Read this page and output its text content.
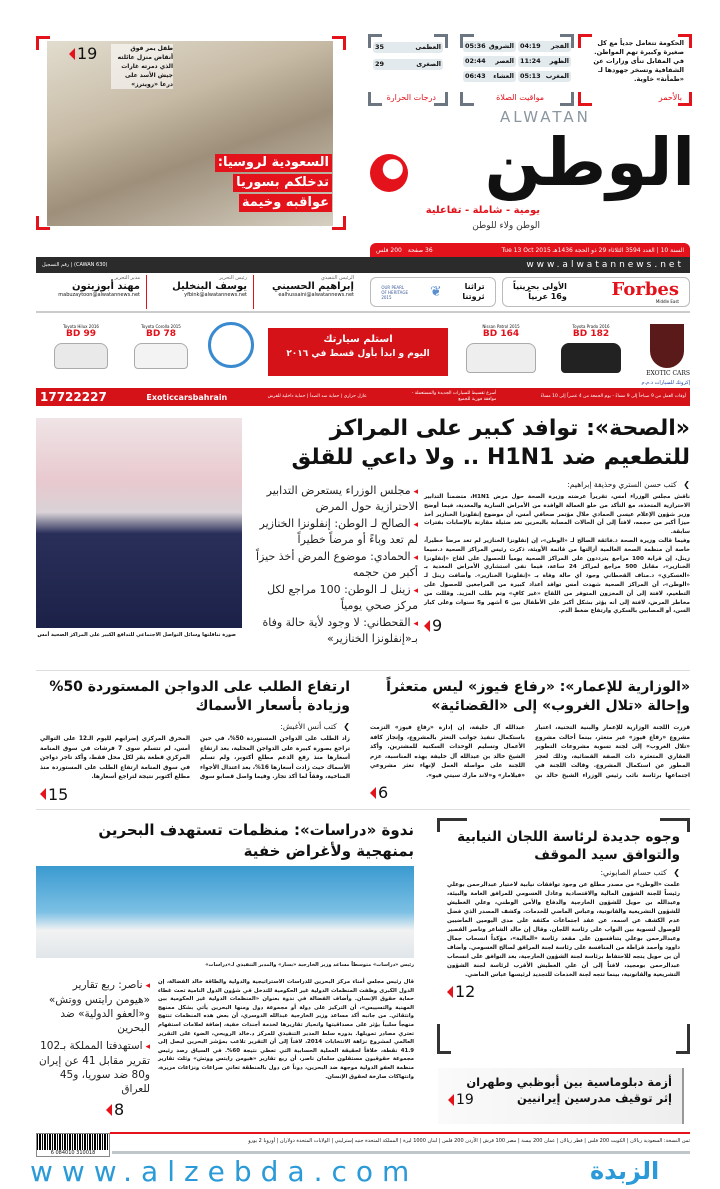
الحكومة تتعامل جدياً مع كل صغيرة وكبيرة تهم المواطن. في المقابل تنأى وزارات عن الشفافية وتسخر جهودها لـ «طمأنة» خاوية.
بالأحمر
الفجر
04:19
الشروق
05:36
الظهر
11:24
العصر
02:44
المغرب
05:13
العشاء
06:43
مواقيت الصلاة
العظمى
35
الصغرى
29
درجات الحرارة
طفل يمر فوق أنقاض منزل عائلته الذي دمرته غارات جيش الأسد على درعا «رويترز»
19
السعودية لروسيا:
تدخلكم بسوريا
عواقبه وخيمة
ALWATAN
الوطن
يومية - شاملة - تفاعلية
الوطن ولاء للوطن
السنة 10 | العدد 3594 الثلاثاء 29 ذو الحجة 1436هـ Tue 13 Oct 2015
36 صفحة
200 فلس
رقم التسجيل | (CAWAN 630)	www.alwatannews.net
الأولى بحرينياً
و16 عربياً Forbes
Middle East
OUR PEARL OF HERITAGE 2015	❦	تراثنا
ثروتنا
الرئيس التنفيذي
إبراهيم الحسيني
ealhussaini@alwatannews.net
رئيس التحرير
يوسف البنخليل
yfbink@alwatannews.net
مدير التحرير
مهند أبوزيتون
mabuzaytoon@alwatannews.net
EXOTIC CARS
إكزوتك للسيارات ذ.م.م
Toyota Prado 2016
BD 182
Nissan Patrol 2015
BD 164
Toyota Corolla 2015
BD 78
Toyota Hilux 2016
BD 99	استلم سيارتك
اليوم و ابدأ بأول قسط في ٢٠١٦
أوقات العمل من 9 صباحاً إلى 9 مساءً - يوم الجمعة من 4 عصراً إلى 10 مساءً
أسرع تقسيط للسيارات الجديدة والمستعملة - موافقة فورية للجميع
عازل حراري | حماية ضد الصدأ | حماية داخلية للفرش
Exoticcarsbahrain
17722227
«الصحة»: توافد كبير على المراكز
للتطعيم ضد H1N1 .. ولا داعي للقلق
❯ كتب حسن الستري وحذيفة إبراهيم:

ناقش مجلس الوزراء أمس، تقريراً عرضته وزيرة الصحة حول مرض H1N1، متضمناً التدابير الاحترازية المتخذة، مع التأكد من خلو العمالة الوافدة من الأمراض السارية والمعدية، فيما أوضح وزير شؤون الإعلام عيسى الحمادي خلال مؤتمر صحافي أمس، أن موضوع إنفلونزا الخنازير أخذ حيزاً أكبر من حجمه، لافتاً إلى أن الحالات المصابة بالبحرين تعد ضئيلة مقارنة بالإصابات بفترات سابقة.

وفيما قالت وزيرة الصحة د.فائقة الصالح لـ «الوطن»، إن إنفلونزا الخنازير لم تعد مرضاً خطيراً، خاصة أن منظمة الصحة العالمية أزالتها من قائمة الأوبئة، ذكرت رئيس المراكز الصحية د.سيما زينل، إن قرابة 100 مراجع يترددون على المراكز الصحية يومياً للحصول على لقاح «إنفلونزا الخنازير»، مقابل 500 مراجع لمراكز 24 ساعة، فيما نفى استشاري الأمراض المعدية بـ «العسكري» د.مناف القحطاني وجود أي حالة وفاة بـ «إنفلونزا الخنازير». وأضافت زينل لـ «الوطن»، أن المراكز الصحية شهدت أمس توافد أعداد كبيرة من المراجعين للحصول على التطعيم، لافتة إلى أن المخزون المتوفر من اللقاح «غير كافٍ» وتم طلب المزيد. وقللت من مخاطر المرض، لافتة إلى أنه يؤثر بشكل أكبر على الأطفال بين 6 أشهر و5 سنوات وعلى كبار السن، أو المصابين بالسكري وارتفاع ضغط الدم.

9
◂ مجلس الوزراء يستعرض التدابير الاحترازية حول المرض
◂ الصالح لـ الوطن: إنفلونزا الخنازير لم تعد وباءً أو مرضاً خطيراً
◂ الحمادي: موضوع المرض أخذ حيزاً أكبر من حجمه
◂ زينل لـ الوطن: 100 مراجع لكل مركز صحي يومياً
◂ القحطاني: لا وجود لأية حالة وفاة بـ«إنفلونزا الخنازير»
صورة تناقلتها وسائل التواصل الاجتماعي للتدافع الكبير على المراكز الصحية أمس
«الوزارية للإعمار»: «رفاع فيوز» ليس متعثراً
وإحالة «تلال الغروب» إلى «القضائية»

قررت اللجنة الوزارية للإعمار والبنية التحتية، اعتبار مشروع «رفاع فيوز» غير متعثر، بينما أحالت مشروع «تلال الغروب» إلى لجنة تسوية مشروعات التطوير العقاري المتعثرة ذات الصفة القضائية، وذلك لعجز المطور عن استكمال المشروع. وقالت اللجنة في اجتماعها برئاسة نائب رئيس الوزراء الشيخ خالد بن عبدالله آل خليفة، إن إدارة «رفاع فيوز» التزمت باستكمال تنفيذ جوانب التعثر بالمشروع، وإنجاز كافة الأعمال وتسليم الوحدات السكنية للمشترين. وأكد الشيخ خالد بن عبدالله آل خليفة بهذه المناسبة، عزم اللجنة على مواصلة العمل لإنهاء تعثر مشروعي «فيلامار» و«لاند مارك سيتي فيو».

6
ارتفاع الطلب على الدواجن المستوردة 50%
وزيادة بأسعار الأسماك
❯ كتب أنس الأغبش:

زاد الطلب على الدواجن المستوردة 50%، في حين تراجع بصورة كبيرة على الدواجن المحلية، بعد ارتفاع أسعارها منذ رفع الدعم مطلع أكتوبر، ولم تسلم الأسماك حيث زادت أسعارها 16%، بعد اعتدال الأجواء المناخية، وفقاً لما أكد تجار. وفيما واصل قصابو سوق المحرق المركزي إضرابهم لليوم الـ12 على التوالي أمس، لم تتسلم سوى 7 فرشات في سوق المنامة المركزي قطعة بقر لكل محل فقط، وأكد تاجر دواجن في سوق المنامة ارتفاع الطلب على المستوردة منذ مطلع أكتوبر نتيجة لتراجع أسعارها.

15
وجوه جديدة لرئاسة اللجان النيابية
والتوافق سيد الموقف
❯ كتب حسام الصابوني:

علمت «الوطن» من مصدر مطلع عن وجود توافقات نيابية لاختيار عبدالرحمن بوعلي رئيساً للجنة الشؤون المالية والاقتصادية وعادل العسومي للمرافق العامة والبيئة، وعبدالله بن حويل للشؤون الخارجية والدفاع والأمن الوطني، وعلي العطيش للشؤون التشريعية والقانونية، وعباس الماضي للخدمات. وكشف المصدر الذي فضل عدم الكشف عن اسمه، عن عقد اجتماعات مكثفة على مدى اليومين الماضيين للوصول لتسوية بين النواب على رئاسة اللجان. وقال إن خالد الشاعر وناصر القصير وعبدالرحمن بوعلي يتنافسون على مقعد رئاسة «المالية»، مؤكداً انسحاب جمال داوود وأحمد قراطة من المنافسة على رئاسة لجنة المرافق لصالح العسومي. وأضاف أن بن حويل يتجه للاحتفاظ برئاسة لجنة الشؤون الخارجية، بعد التوافق على انسحاب عبدالرحمن بومجيد، لافتاً إلى أن علي العطيش الأقرب لرئاسة لجنة الشؤون التشريعية والقانونية، بينما تتجه لجنة الخدمات للتجديد لرئيسها عباس الماضي.

12
ندوة «دراسات»: منظمات تستهدف البحرين
بمنهجية ولأغراض خفية
رئيس «دراسات» متوسطاً مساعد وزير الخارجية «يسار» والمدير التنفيذي لـ«دراسات»

قال رئيس مجلس أمناء مركز البحرين للدراسات الاستراتيجية والدولية والطاقة خالد الفضالة، إن الدول الكبرى وظفت المنظمات الدولية غير الحكومية للتدخل في شؤون الدول النامية تحت غطاء حماية حقوق الإنسان. وأضاف الفضالة في ندوة بعنوان «المنظمات الدولية غير الحكومية بين المهنية والتسييس»، أن التركيز على دولة أو مجموعة دول ومنها البحرين يأتي بشكل ممنهج وانتقائي. من جانبه أكد مساعد وزير الخارجية عبدالله الدوسري، أن بعض هذه المنظمات تنتهج منهجاً سلبياً يؤثر على مصداقيتها وانحياز تقاريرها لخدمة أجندات خفية، إضافة لعلامات استفهام تعتري مصادر تمويلها. بدوره سلط المدير التنفيذي للمركز د.خالد الرويحي، الضوء على التقرير العالمي لمشروع نزاهة الانتخابات 2014، لافتاً إلى أن التقرير تلاعب بمؤشر البحرين ليصل إلى 41.9 نقطة، خلافاً لحقيقة العملية الحسابية التي تعطي نتيجة 60%. في السياق رصد رئيس مجموعة حقوقيون مستقلون سلمان ناصر، أن ربع تقارير «هيومن رايتس ووتش» وثلث تقارير منظمة العفو الدولية موجهة ضد البحرين، دوناً عن دول بالمنطقة تعاني صراعات ونزاعات مريرة، وانتهاكات صارخة لحقوق الإنسان.

◂ ناصر: ربع تقارير «هيومن رايتس ووتش» و«العفو الدولية» ضد البحرين
◂ استهدفتا المملكة بـ102 تقرير مقابل 41 عن إيران و80 ضد سوريا، و45 للعراق
8
أزمة دبلوماسية بين أبوظبي وطهران
إثر توقيف مدرسين إيرانيين
19
ثمن النسخة: السعودية ريالان | الكويت 200 فلس | قطر ريالان | عمان 200 بيسة | مصر 100 قرش | الأردن 200 فلس | لبنان 1000 ليرة | المملكة المتحدة جنيه إسترليني | الولايات المتحدة دولاران | أوروبا 2 يورو
6 084010 310018
www.alzebda.com	الزبدة
